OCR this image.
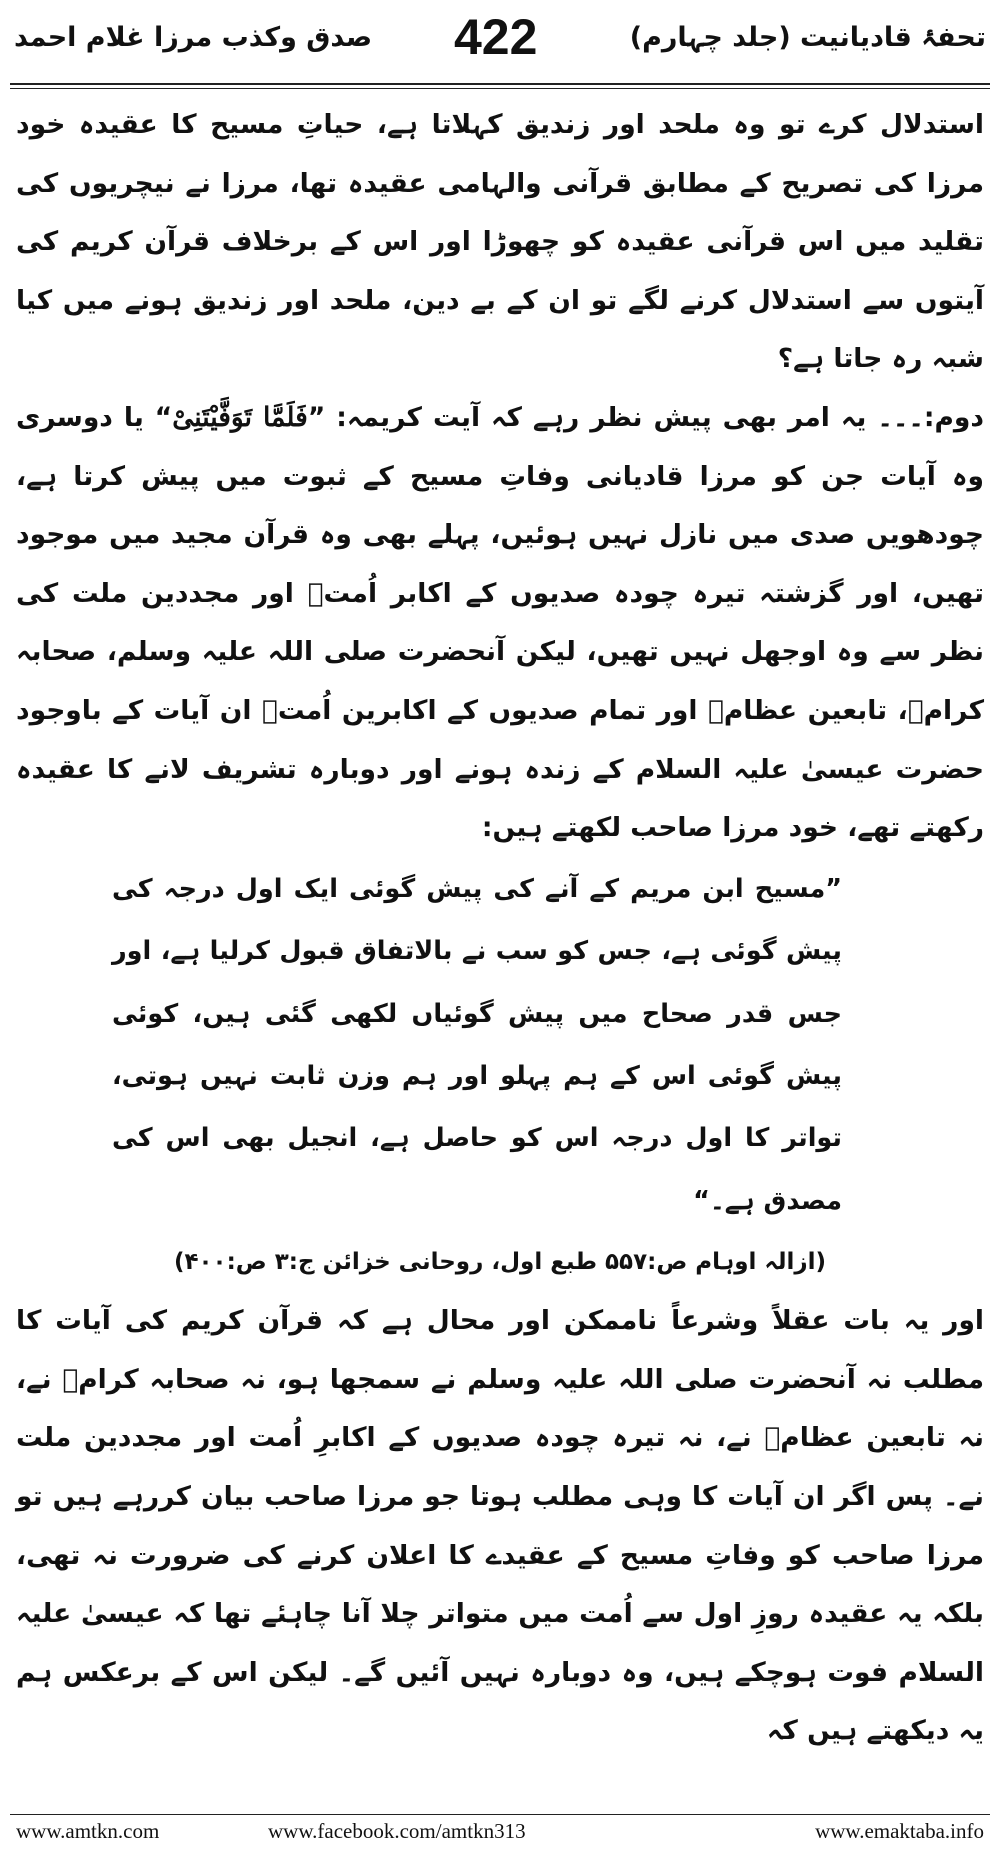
صدق وکذب مرزا غلام احمد 422	تحفۂ قادیانیت (جلد چہارم)

استدلال کرے تو وہ ملحد اور زندیق کہلاتا ہے، حیاتِ مسیح کا عقیدہ خود مرزا کی تصریح کے مطابق قرآنی والہامی عقیدہ تھا، مرزا نے نیچریوں کی تقلید میں اس قرآنی عقیدہ کو چھوڑا اور اس کے برخلاف قرآن کریم کی آیتوں سے استدلال کرنے لگے تو ان کے بے دین، ملحد اور زندیق ہونے میں کیا شبہ رہ جاتا ہے؟

دوم:۔۔۔ یہ امر بھی پیش نظر رہے کہ آیت کریمہ: ”فَلَمَّا تَوَفَّيْتَنِیْ“ یا دوسری وہ آیات جن کو مرزا قادیانی وفاتِ مسیح کے ثبوت میں پیش کرتا ہے، چودھویں صدی میں نازل نہیں ہوئیں، پہلے بھی وہ قرآن مجید میں موجود تھیں، اور گزشتہ تیرہ چودہ صدیوں کے اکابر اُمتؒ اور مجددین ملت کی نظر سے وہ اوجھل نہیں تھیں، لیکن آنحضرت صلی اللہ علیہ وسلم، صحابہ کرامؓ، تابعین عظامؒ اور تمام صدیوں کے اکابرین اُمتؒ ان آیات کے باوجود حضرت عیسیٰ علیہ السلام کے زندہ ہونے اور دوبارہ تشریف لانے کا عقیدہ رکھتے تھے، خود مرزا صاحب لکھتے ہیں:

”مسیح ابن مریم کے آنے کی پیش گوئی ایک اول درجہ کی پیش گوئی ہے، جس کو سب نے بالاتفاق قبول کرلیا ہے، اور جس قدر صحاح میں پیش گوئیاں لکھی گئی ہیں، کوئی پیش گوئی اس کے ہم پہلو اور ہم وزن ثابت نہیں ہوتی، تواتر کا اول درجہ اس کو حاصل ہے، انجیل بھی اس کی مصدق ہے۔“

(ازالہ اوہام ص:۵۵۷ طبع اول، روحانی خزائن ج:۳ ص:۴۰۰)

اور یہ بات عقلاً وشرعاً ناممکن اور محال ہے کہ قرآن کریم کی آیات کا مطلب نہ آنحضرت صلی اللہ علیہ وسلم نے سمجھا ہو، نہ صحابہ کرامؓ نے، نہ تابعین عظامؒ نے، نہ تیرہ چودہ صدیوں کے اکابرِ اُمت اور مجددین ملت نے۔ پس اگر ان آیات کا وہی مطلب ہوتا جو مرزا صاحب بیان کررہے ہیں تو مرزا صاحب کو وفاتِ مسیح کے عقیدے کا اعلان کرنے کی ضرورت نہ تھی، بلکہ یہ عقیدہ روزِ اول سے اُمت میں متواتر چلا آنا چاہئے تھا کہ عیسیٰ علیہ السلام فوت ہوچکے ہیں، وہ دوبارہ نہیں آئیں گے۔ لیکن اس کے برعکس ہم یہ دیکھتے ہیں کہ

www.amtkn.com	www.facebook.com/amtkn313	www.emaktaba.info
